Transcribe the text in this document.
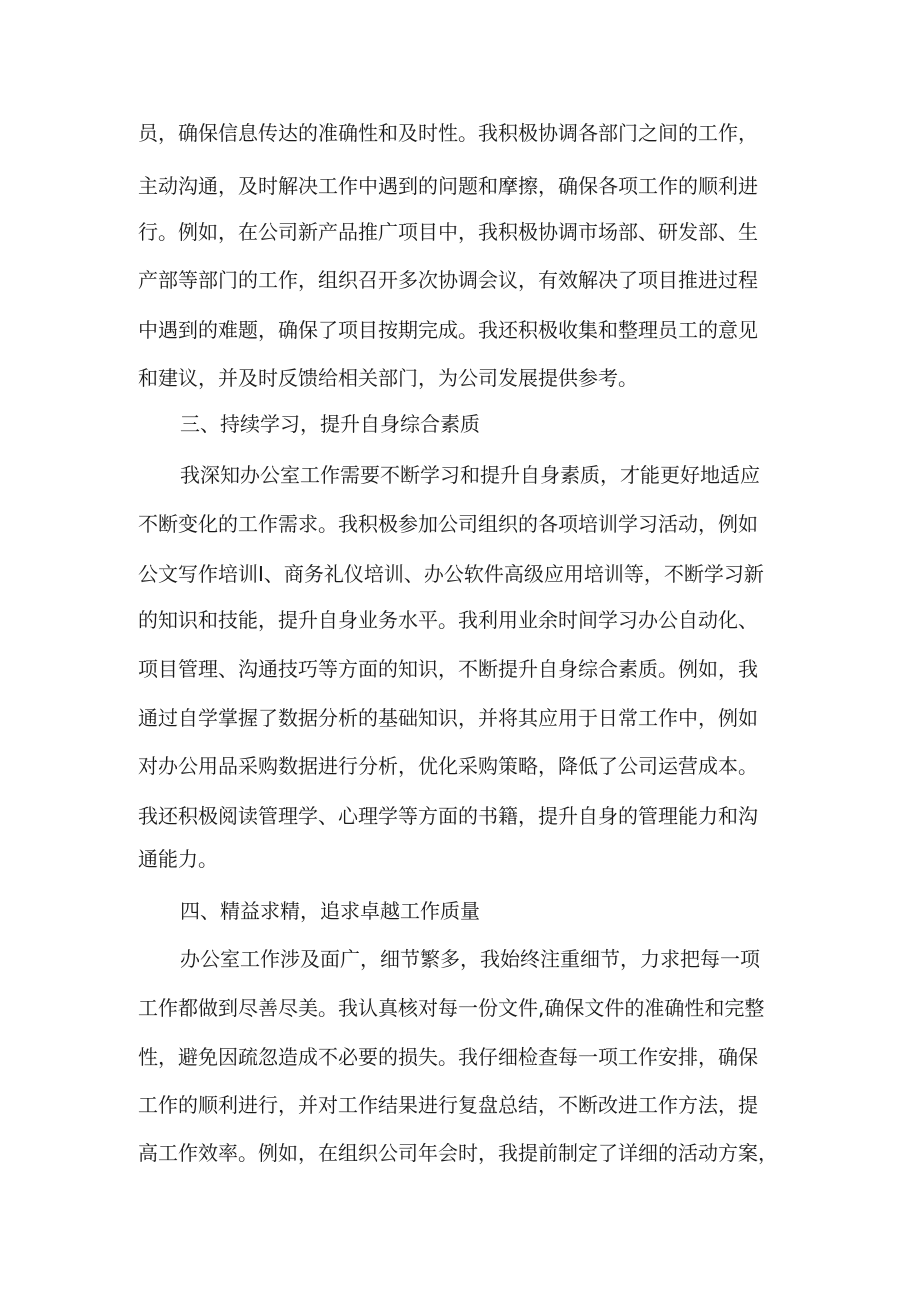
员，确保信息传达的准确性和及时性。我积极协调各部门之间的工作，
主动沟通，及时解决工作中遇到的问题和摩擦，确保各项工作的顺利进
行。例如，在公司新产品推广项目中，我积极协调市场部、研发部、生
产部等部门的工作，组织召开多次协调会议，有效解决了项目推进过程
中遇到的难题，确保了项目按期完成。我还积极收集和整理员工的意见
和建议，并及时反馈给相关部门，为公司发展提供参考。
三、持续学习，提升自身综合素质
我深知办公室工作需要不断学习和提升自身素质，才能更好地适应
不断变化的工作需求。我积极参加公司组织的各项培训学习活动，例如
公文写作培训I、商务礼仪培训、办公软件高级应用培训等，不断学习新
的知识和技能，提升自身业务水平。我利用业余时间学习办公自动化、
项目管理、沟通技巧等方面的知识，不断提升自身综合素质。例如，我
通过自学掌握了数据分析的基础知识，并将其应用于日常工作中，例如
对办公用品采购数据进行分析，优化采购策略，降低了公司运营成本。
我还积极阅读管理学、心理学等方面的书籍，提升自身的管理能力和沟
通能力。
四、精益求精，追求卓越工作质量
办公室工作涉及面广，细节繁多，我始终注重细节，力求把每一项
工作都做到尽善尽美。我认真核对每一份文件,确保文件的准确性和完整
性，避免因疏忽造成不必要的损失。我仔细检查每一项工作安排，确保
工作的顺利进行，并对工作结果进行复盘总结，不断改进工作方法，提
高工作效率。例如，在组织公司年会时，我提前制定了详细的活动方案，
